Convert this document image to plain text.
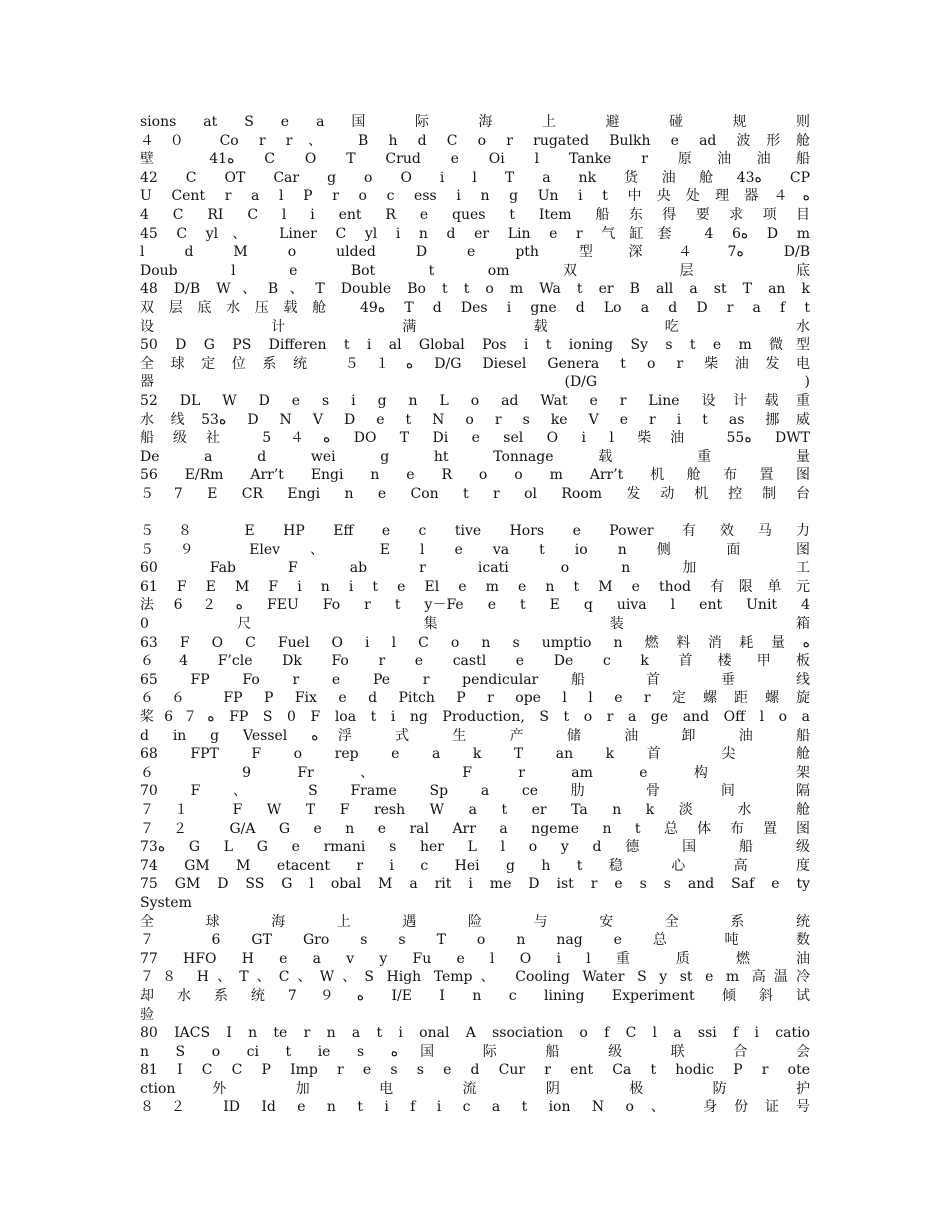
sions at S e a 国 际 海 上 避 碰 规 则
４０ Co r r、 B h d C o r rugated Bulkh e ad 波形舱
壁 41ﻩ C O T Crud e Oi l Tanke r 原油油船
42 C OT Car g o O i l T a nk 货油舱43ﻩ CP
U Cent r a l P r o c ess i n g Un i t 中央处理器４ﻩ
4 C RI C l i ent R e ques t Item 船东得要求项目
45 C yl、 Liner C yl i n d er Lin e r 气缸套 4 6ﻩ D m
l d M o ulded D e pth 型深４7ﻩ D/B
Doub l e Bot t om 双 层 底
48 D/B W、B、T Double Bo t t o m Wa t er B all a st T an k
双层底水压载舱 49ﻩ T d Des i gne d Lo a d D r a f t
设 计 满 载 吃 水
50 D G PS Differen t i al Global Pos i t ioning Sy s t e m 微型
全球定位系统 ５１ﻩ D/G Diesel Genera t o r 柴油发电
器 (D/G )
52 DL W D e s i g n L o ad Wat e r Line 设计载重
水线53ﻩ D N V D e t N o r s ke V e r i t as 挪威
船级社 5４ﻩ DO T Di e sel O i l 柴油 55ﻩ DWT
De a d wei g ht Tonnage 载 重 量
56 E/Rm Arr’t Engi n e R o o m Arr’t 机舱布置图
５7 E CR Engi n e Con t r ol Room 发动机控制台
５８ E HP Eff e c tive Hors e Power 有效马力
５９ Elev 、 E l e va t io n 侧 面 图
60 Fab F ab r icati o n 加 工
61 F E M F i n i t e El e m e n t M e thod 有限单元
法6２ﻩ FEU Fo r t y－Fe e t E q uiva l ent Unit 4
0 尺 集 装 箱
63 F O C Fuel O i l C o n s umptio n 燃料消耗量ﻩ
６4 F’cle Dk Fo r e castl e De c k 首楼甲板
65 FP Fo r e Pe r pendicular 船 首 垂 线
６６ FP P Fix e d Pitch P r ope l l e r 定螺距螺旋
桨6７ﻩ FP S 0 F loa t i ng Production, S t o r a ge and Off l o a
d in g Vessel ﻩ浮 式 生 产 储 油 卸 油 船
68 FPT F o rep e a k T an k 首 尖 舱
６ 9 Fr 、 F r am e 构 架
70 F 、 S Frame Sp a ce 肋 骨 间 隔
７１ F W T F resh W a t er Ta n k 淡 水 舱
７２ G/A G e n e ral Arr a ngeme n t 总体布置图
73ﻩ G L G e rmani s her L l o y d 德 国 船 级
74 GM M etacent r i c Hei g h t 稳 心 高 度
75 GM D SS G l obal M a rit i me D ist r e s s and Saf e ty
System
全 球 海 上 遇 险 与 安 全 系 统
７ 6 GT Gro s s T o n nag e 总 吨 数
77 HFO H e a v y Fu e l O i l 重 质 燃 油
７８ H、T、C、W、S High Temp、 Cooling Water S y st e m 高温冷
却水系统7９ﻩ I/E I n c lining Experiment 倾斜试
验
80 IACS I n te r n a t i onal A ssociation o f C l a ssi f i catio
n S o ci t ie s ﻩ国 际 船 级 联 合 会
81 I C C P Imp r e s s e d Cur r ent Ca t hodic P r ote
ction 外 加 电 流 阴 极 防 护
８２ ID Id e n t i f i c a t ion N o、 身份证号
